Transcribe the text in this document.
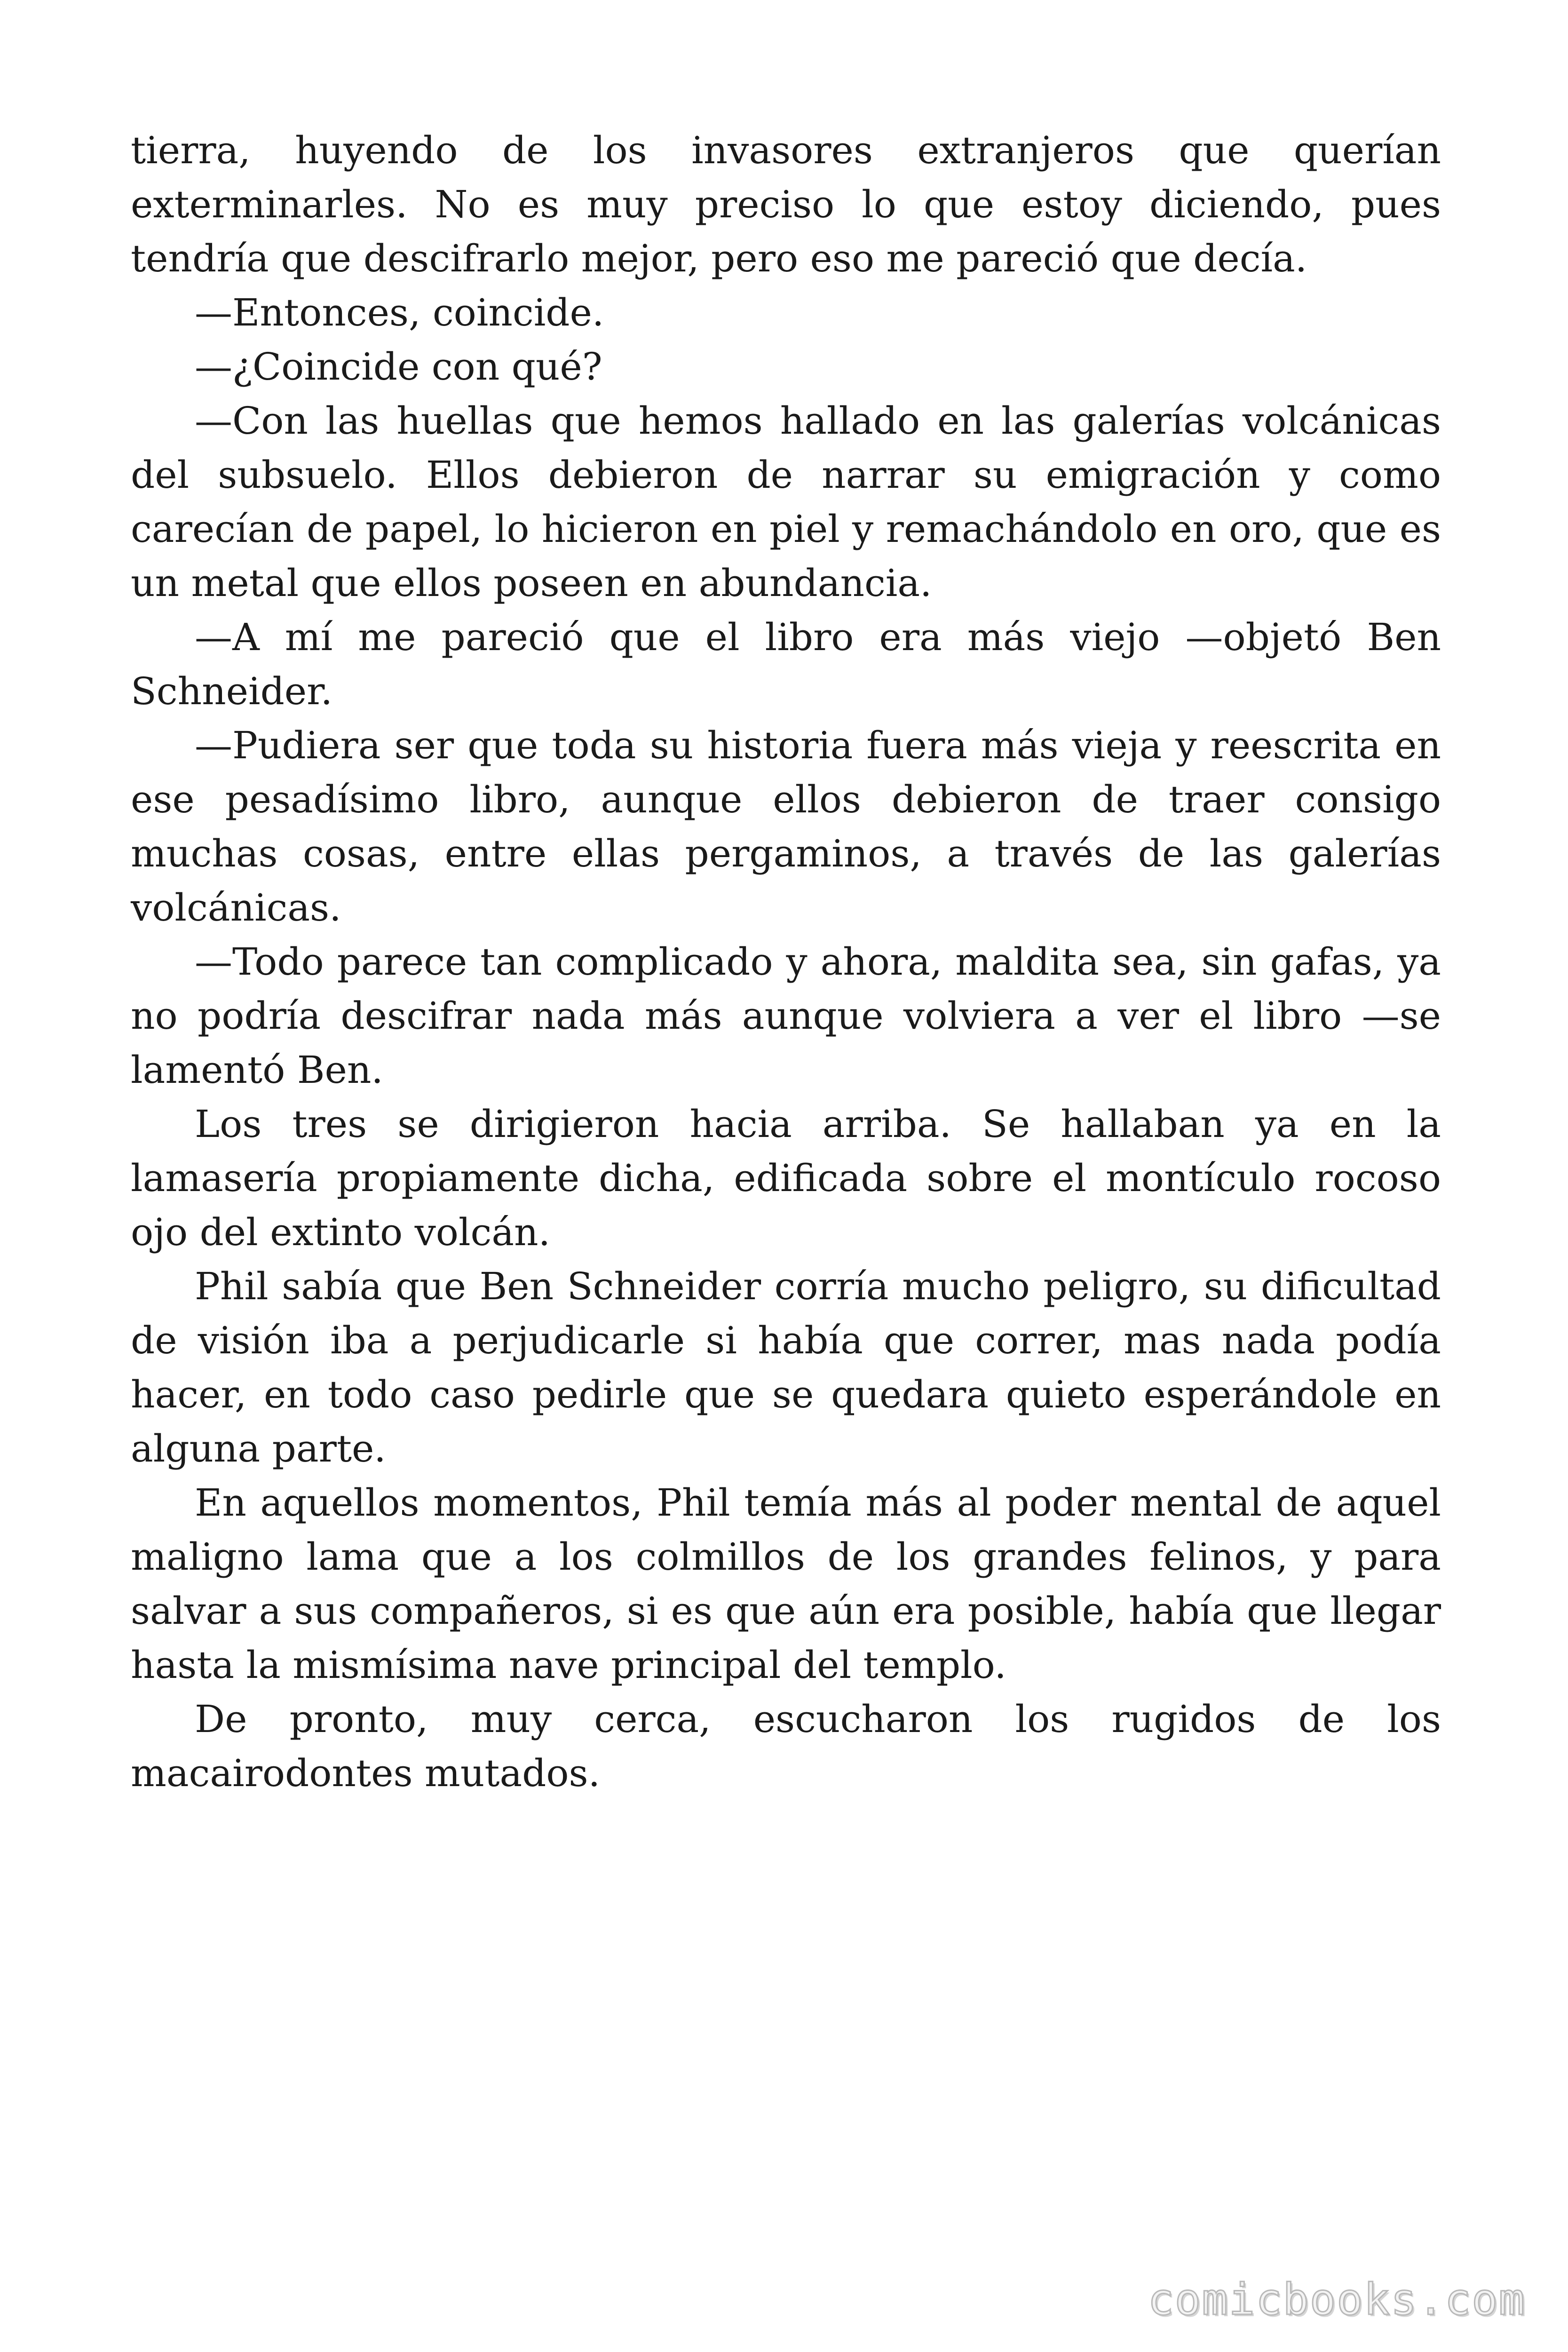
tierra, huyendo de los invasores extranjeros que querían exterminarles. No es muy preciso lo que estoy diciendo, pues tendría que descifrarlo mejor, pero eso me pareció que decía.

—Entonces, coincide.

—¿Coincide con qué?

—Con las huellas que hemos hallado en las galerías volcánicas del subsuelo. Ellos debieron de narrar su emigración y como carecían de papel, lo hicieron en piel y remachándolo en oro, que es un metal que ellos poseen en abundancia.

—A mí me pareció que el libro era más viejo —objetó Ben Schneider.

—Pudiera ser que toda su historia fuera más vieja y reescrita en ese pesadísimo libro, aunque ellos debieron de traer consigo muchas cosas, entre ellas pergaminos, a través de las galerías volcánicas.

—Todo parece tan complicado y ahora, maldita sea, sin gafas, ya no podría descifrar nada más aunque volviera a ver el libro —se lamentó Ben.

Los tres se dirigieron hacia arriba. Se hallaban ya en la lamasería propiamente dicha, edificada sobre el montículo rocoso ojo del extinto volcán.

Phil sabía que Ben Schneider corría mucho peligro, su dificultad de visión iba a perjudicarle si había que correr, mas nada podía hacer, en todo caso pedirle que se quedara quieto esperándole en alguna parte.

En aquellos momentos, Phil temía más al poder mental de aquel maligno lama que a los colmillos de los grandes felinos, y para salvar a sus compañeros, si es que aún era posible, había que llegar hasta la mismísima nave principal del templo.

De pronto, muy cerca, escucharon los rugidos de los macairodontes mutados.

comicbooks.com
